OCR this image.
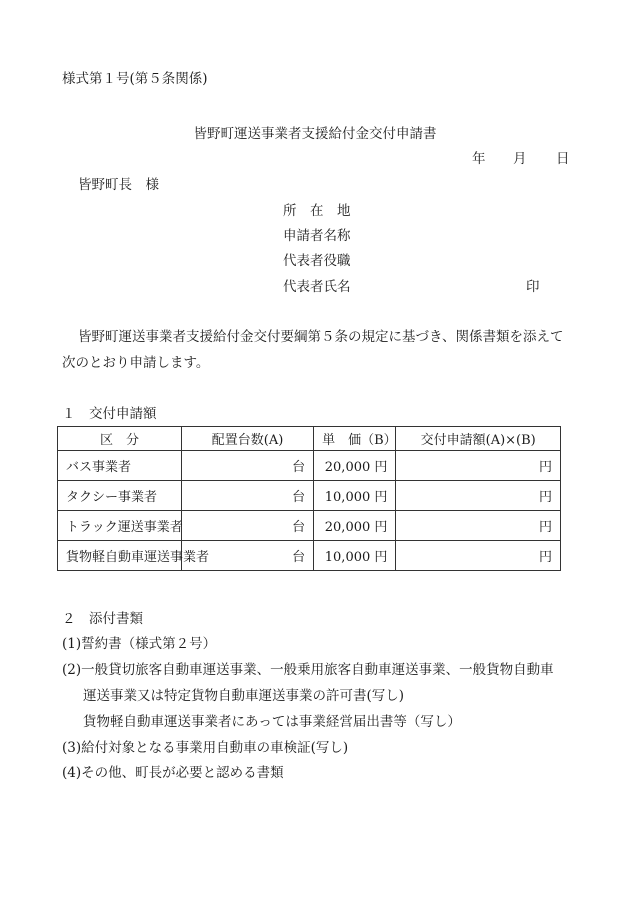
様式第１号(第５条関係)
皆野町運送事業者支援給付金交付申請書
年 月 日
皆野町長　様
所　在　地
申請者名称
代表者役職
代表者氏名	印
皆野町運送事業者支援給付金交付要綱第５条の規定に基づき、関係書類を添えて
次のとおり申請します。
１　交付申請額
区　分	配置台数(A)	単　価（B）	交付申請額(A)×(B)
バス事業者	台	20,000 円	円
タクシー事業者	台	10,000 円	円
トラック運送事業者	台	20,000 円	円
貨物軽自動車運送事業者	台	10,000 円	円
２　添付書類
(1)誓約書（様式第２号）
(2)一般貸切旅客自動車運送事業、一般乗用旅客自動車運送事業、一般貨物自動車
運送事業又は特定貨物自動車運送事業の許可書(写し)
貨物軽自動車運送事業者にあっては事業経営届出書等（写し）
(3)給付対象となる事業用自動車の車検証(写し)
(4)その他、町長が必要と認める書類
